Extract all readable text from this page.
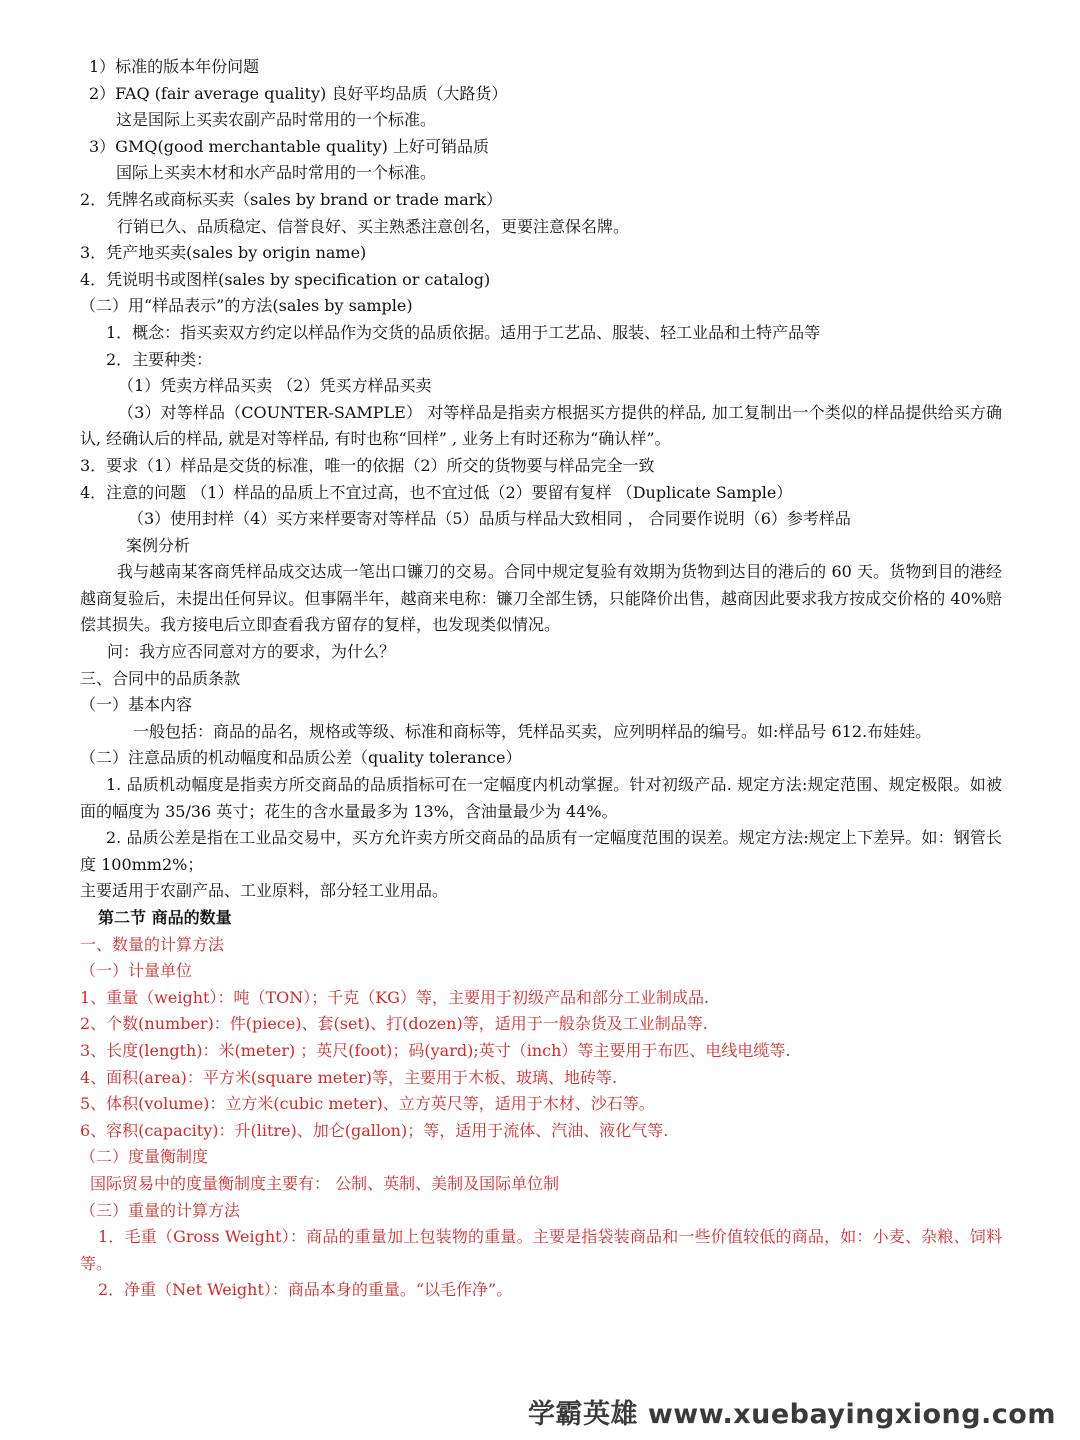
1）标准的版本年份问题
2）FAQ (fair average quality) 良好平均品质（大路货）
这是国际上买卖农副产品时常用的一个标准。
3）GMQ(good merchantable quality) 上好可销品质
国际上买卖木材和水产品时常用的一个标准。
2．凭牌名或商标买卖（sales by brand or trade mark）
行销已久、品质稳定、信誉良好、买主熟悉注意创名，更要注意保名牌。
3．凭产地买卖(sales by origin name)
4．凭说明书或图样(sales by specification or catalog)
（二）用“样品表示”的方法(sales by sample)
1．概念：指买卖双方约定以样品作为交货的品质依据。适用于工艺品、服装、轻工业品和土特产品等
2．主要种类：
（1）凭卖方样品买卖 （2）凭买方样品买卖
（3）对等样品（COUNTER-SAMPLE） 对等样品是指卖方根据买方提供的样品, 加工复制出一个类似的样品提供给买方确认, 经确认后的样品, 就是对等样品, 有时也称“回样” , 业务上有时还称为“确认样”。
3．要求（1）样品是交货的标准，唯一的依据（2）所交的货物要与样品完全一致
4．注意的问题 （1）样品的品质上不宜过高，也不宜过低（2）要留有复样 （Duplicate Sample）
（3）使用封样（4）买方来样要寄对等样品（5）品质与样品大致相同 ， 合同要作说明（6）参考样品
案例分析
我与越南某客商凭样品成交达成一笔出口镰刀的交易。合同中规定复验有效期为货物到达目的港后的 60 天。货物到目的港经越商复验后，未提出任何异议。但事隔半年，越商来电称：镰刀全部生锈，只能降价出售，越商因此要求我方按成交价格的 40%赔偿其损失。我方接电后立即查看我方留存的复样，也发现类似情况。
问：我方应否同意对方的要求，为什么？
三、合同中的品质条款
（一）基本内容
一般包括：商品的品名，规格或等级、标准和商标等，凭样品买卖，应列明样品的编号。如:样品号 612.布娃娃。
（二）注意品质的机动幅度和品质公差（quality tolerance）
1. 品质机动幅度是指卖方所交商品的品质指标可在一定幅度内机动掌握。针对初级产品. 规定方法:规定范围、规定极限。如被面的幅度为 35/36 英寸；花生的含水量最多为 13%，含油量最少为 44%。
2. 品质公差是指在工业品交易中，买方允许卖方所交商品的品质有一定幅度范围的误差。规定方法:规定上下差异。如：钢管长度 100mm2%；
主要适用于农副产品、工业原料，部分轻工业用品。
第二节 商品的数量
一、数量的计算方法
（一）计量单位
1、重量（weight）：吨（TON）；千克（KG）等，主要用于初级产品和部分工业制成品.
2、个数(number)：件(piece)、套(set)、打(dozen)等，适用于一般杂货及工业制品等.
3、长度(length)：米(meter) ；英尺(foot)；码(yard);英寸（inch）等主要用于布匹、电线电缆等.
4、面积(area)：平方米(square meter)等，主要用于木板、玻璃、地砖等.
5、体积(volume)：立方米(cubic meter)、立方英尺等，适用于木材、沙石等。
6、容积(capacity)：升(litre)、加仑(gallon)；等，适用于流体、汽油、液化气等.
（二）度量衡制度
国际贸易中的度量衡制度主要有： 公制、英制、美制及国际单位制
（三）重量的计算方法
1．毛重（Gross Weight）：商品的重量加上包装物的重量。主要是指袋装商品和一些价值较低的商品，如：小麦、杂粮、饲料等。
2．净重（Net Weight）：商品本身的重量。“以毛作净”。
学霸英雄 www.xuebayingxiong.com
